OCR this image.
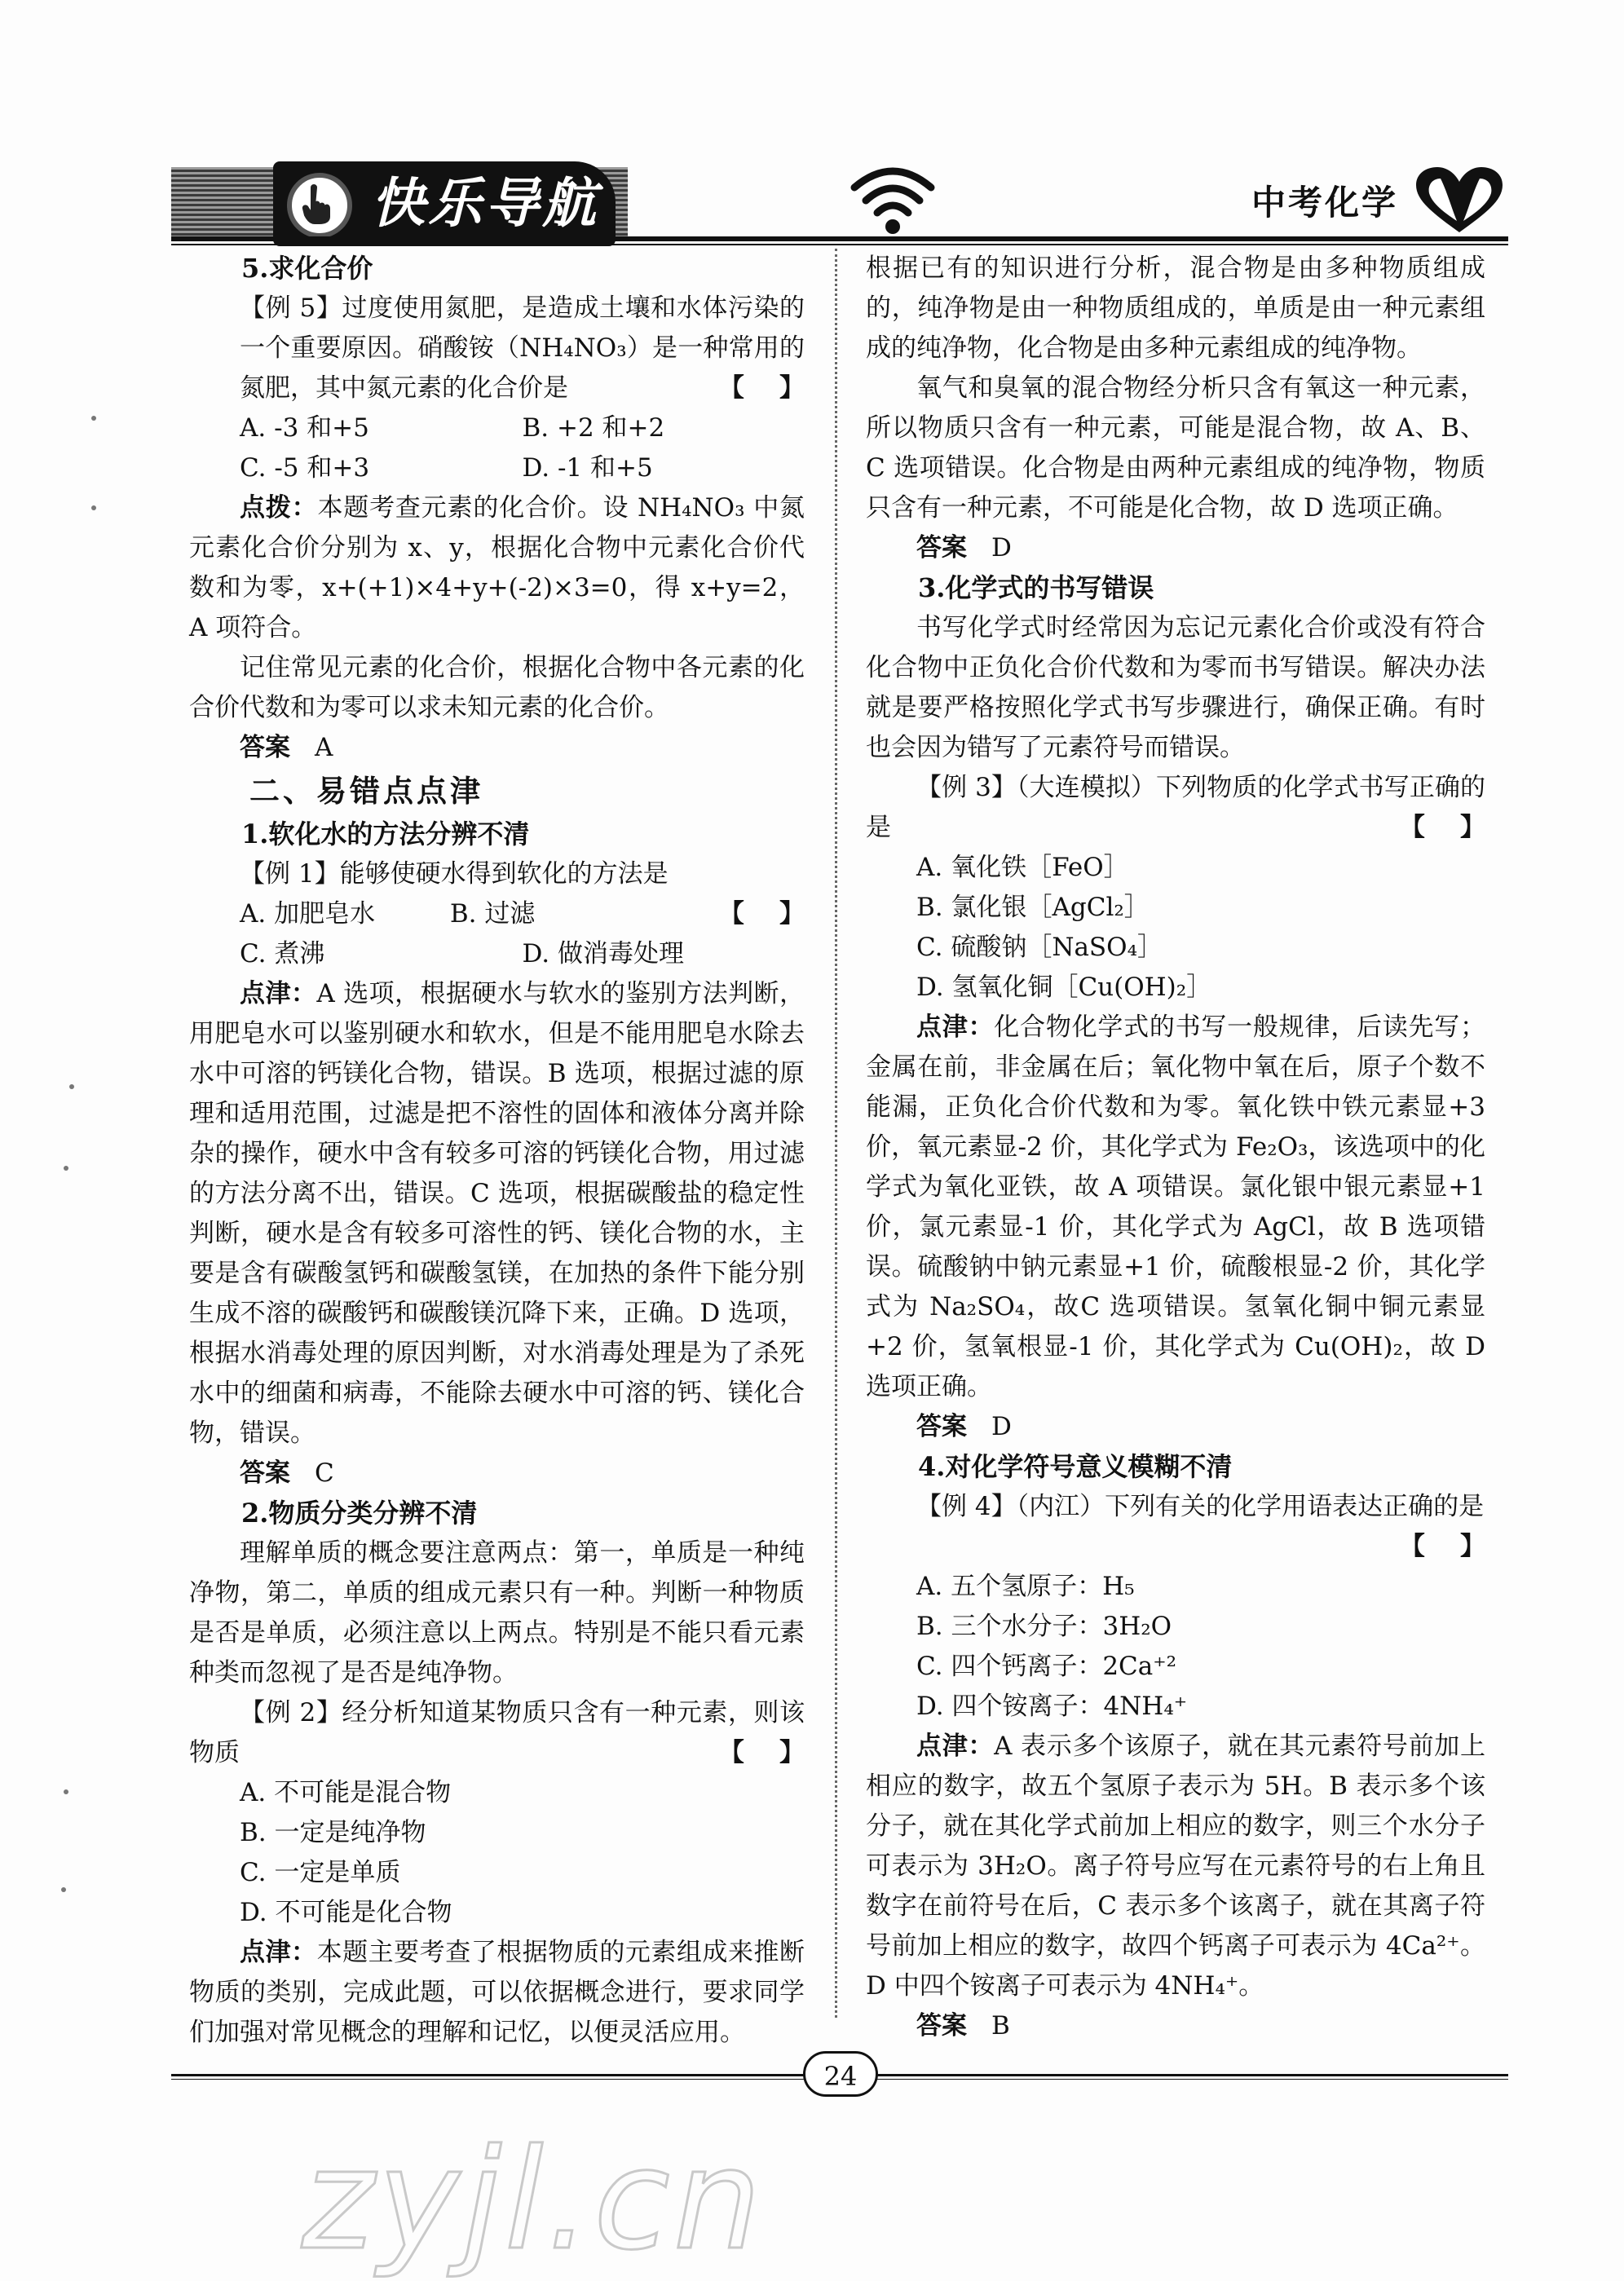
快乐导航	中考化学

5.求化合价

【例 5】过度使用氮肥，是造成土壤和水体污染的一个重要原因。硝酸铵（NH₄NO₃）是一种常用的氮肥，其中氮元素的化合价是	【    】

A. -3 和+5	B. +2 和+2
C. -5 和+3	D. -1 和+5

点拨：本题考查元素的化合价。设 NH₄NO₃ 中氮元素化合价分别为 x、y，根据化合物中元素化合价代数和为零，x+(+1)×4+y+(-2)×3=0，得 x+y=2，A 项符合。

记住常见元素的化合价，根据化合物中各元素的化合价代数和为零可以求未知元素的化合价。

答案 A

二、易错点点津

1.软化水的方法分辨不清

【例 1】能够使硬水得到软化的方法是
【    】

A. 加肥皂水	B. 过滤
C. 煮沸	D. 做消毒处理

点津：A 选项，根据硬水与软水的鉴别方法判断，用肥皂水可以鉴别硬水和软水，但是不能用肥皂水除去水中可溶的钙镁化合物，错误。B 选项，根据过滤的原理和适用范围，过滤是把不溶性的固体和液体分离并除杂的操作，硬水中含有较多可溶的钙镁化合物，用过滤的方法分离不出，错误。C 选项，根据碳酸盐的稳定性判断，硬水是含有较多可溶性的钙、镁化合物的水，主要是含有碳酸氢钙和碳酸氢镁，在加热的条件下能分别生成不溶的碳酸钙和碳酸镁沉降下来，正确。D 选项，根据水消毒处理的原因判断，对水消毒处理是为了杀死水中的细菌和病毒，不能除去硬水中可溶的钙、镁化合物，错误。

答案 C

2.物质分类分辨不清

理解单质的概念要注意两点：第一，单质是一种纯净物，第二，单质的组成元素只有一种。判断一种物质是否是单质，必须注意以上两点。特别是不能只看元素种类而忽视了是否是纯净物。

【例 2】经分析知道某物质只含有一种元素，则该物质	【    】

A. 不可能是混合物

B. 一定是纯净物

C. 一定是单质

D. 不可能是化合物

点津：本题主要考查了根据物质的元素组成来推断物质的类别，完成此题，可以依据概念进行，要求同学们加强对常见概念的理解和记忆，以便灵活应用。

根据已有的知识进行分析，混合物是由多种物质组成的，纯净物是由一种物质组成的，单质是由一种元素组成的纯净物，化合物是由多种元素组成的纯净物。

氧气和臭氧的混合物经分析只含有氧这一种元素，所以物质只含有一种元素，可能是混合物，故 A、B、C 选项错误。化合物是由两种元素组成的纯净物，物质只含有一种元素，不可能是化合物，故 D 选项正确。

答案 D

3.化学式的书写错误

书写化学式时经常因为忘记元素化合价或没有符合化合物中正负化合价代数和为零而书写错误。解决办法就是要严格按照化学式书写步骤进行，确保正确。有时也会因为错写了元素符号而错误。

【例 3】（大连模拟）下列物质的化学式书写正确的是	【    】

A. 氧化铁［FeO］

B. 氯化银［AgCl₂］

C. 硫酸钠［NaSO₄］

D. 氢氧化铜［Cu(OH)₂］

点津：化合物化学式的书写一般规律，后读先写；金属在前，非金属在后；氧化物中氧在后，原子个数不能漏，正负化合价代数和为零。氧化铁中铁元素显+3 价，氧元素显-2 价，其化学式为 Fe₂O₃，该选项中的化学式为氧化亚铁，故 A 项错误。氯化银中银元素显+1 价，氯元素显-1 价，其化学式为 AgCl，故 B 选项错误。硫酸钠中钠元素显+1 价，硫酸根显-2 价，其化学式为 Na₂SO₄，故C 选项错误。氢氧化铜中铜元素显+2 价，氢氧根显-1 价，其化学式为 Cu(OH)₂，故 D 选项正确。

答案 D

4.对化学符号意义模糊不清

【例 4】（内江）下列有关的化学用语表达正确的是

【    】

A. 五个氢原子：H₅

B. 三个水分子：3H₂O

C. 四个钙离子：2Ca⁺²

D. 四个铵离子：4NH₄⁺

点津：A 表示多个该原子，就在其元素符号前加上相应的数字，故五个氢原子表示为 5H。B 表示多个该分子，就在其化学式前加上相应的数字，则三个水分子可表示为 3H₂O。离子符号应写在元素符号的右上角且数字在前符号在后，C 表示多个该离子，就在其离子符号前加上相应的数字，故四个钙离子可表示为 4Ca²⁺。D 中四个铵离子可表示为 4NH₄⁺。

答案 B

24
zyjl.cn
